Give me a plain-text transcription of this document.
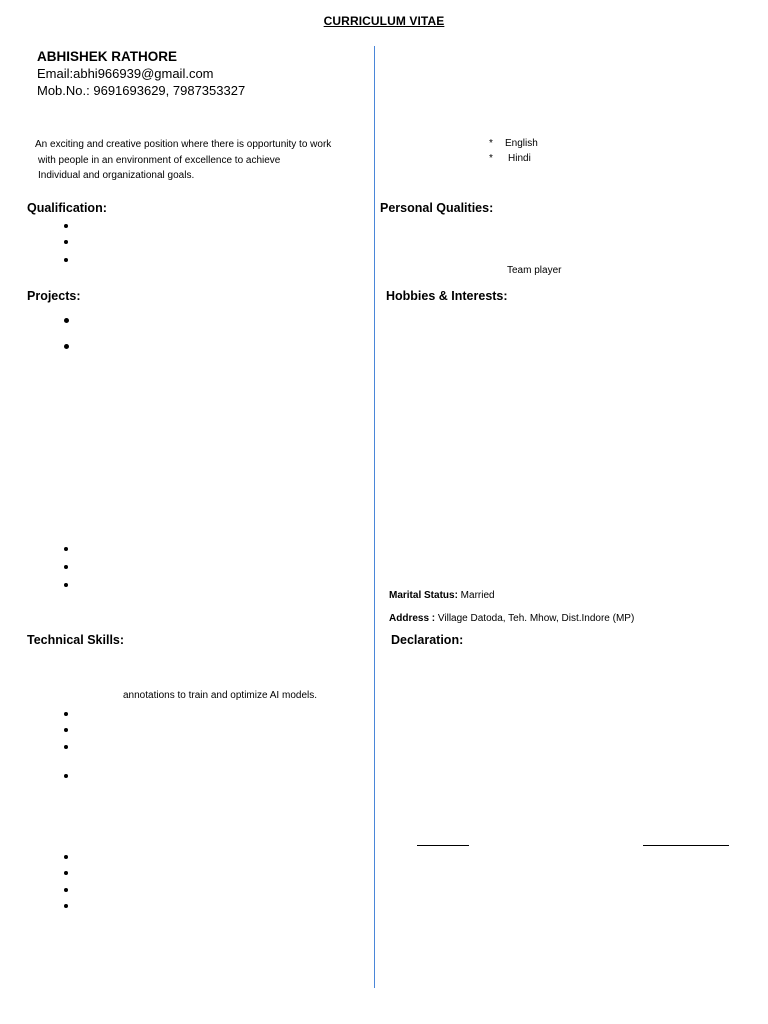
CURRICULUM VITAE
ABHISHEK RATHORE
Email:abhi966939@gmail.com
Mob.No.: 9691693629, 7987353327
An exciting and creative position where there is opportunity to work
with people in an environment of excellence to achieve
Individual and organizational goals.
Qualification:
Projects:
Technical Skills:
annotations to train and optimize AI models.
* English
* Hindi
Personal Qualities:
Team player
Hobbies & Interests:
Marital Status: Married
Address : Village Datoda, Teh. Mhow, Dist.Indore (MP)
Declaration:
